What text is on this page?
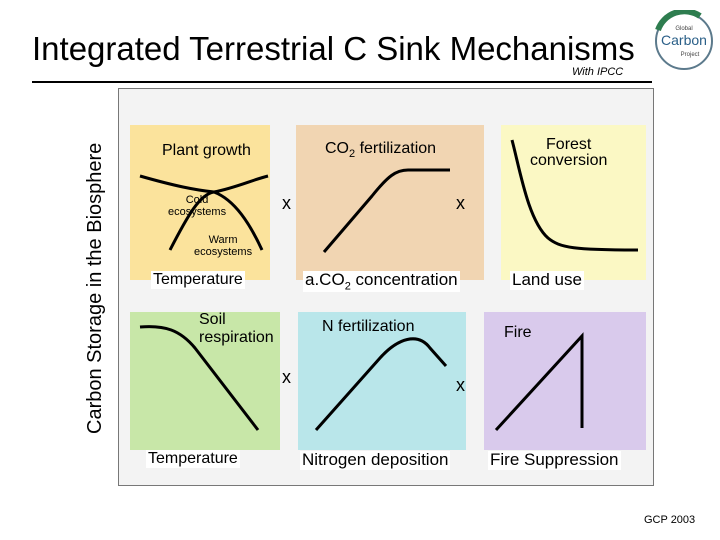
Integrated Terrestrial C Sink Mechanisms
With IPCC
Global
Carbon
Project
Carbon Storage in the Biosphere	Plant growth
Cold
ecosystems
Warm
ecosystems
Temperature
$CO_2$ fertilization
$a.CO_2$ concentration
Forest
conversion
Land use
Soil
respiration
Temperature
N fertilization
Nitrogen deposition
Fire
Fire Suppression
x	x
x	x
GCP 2003
